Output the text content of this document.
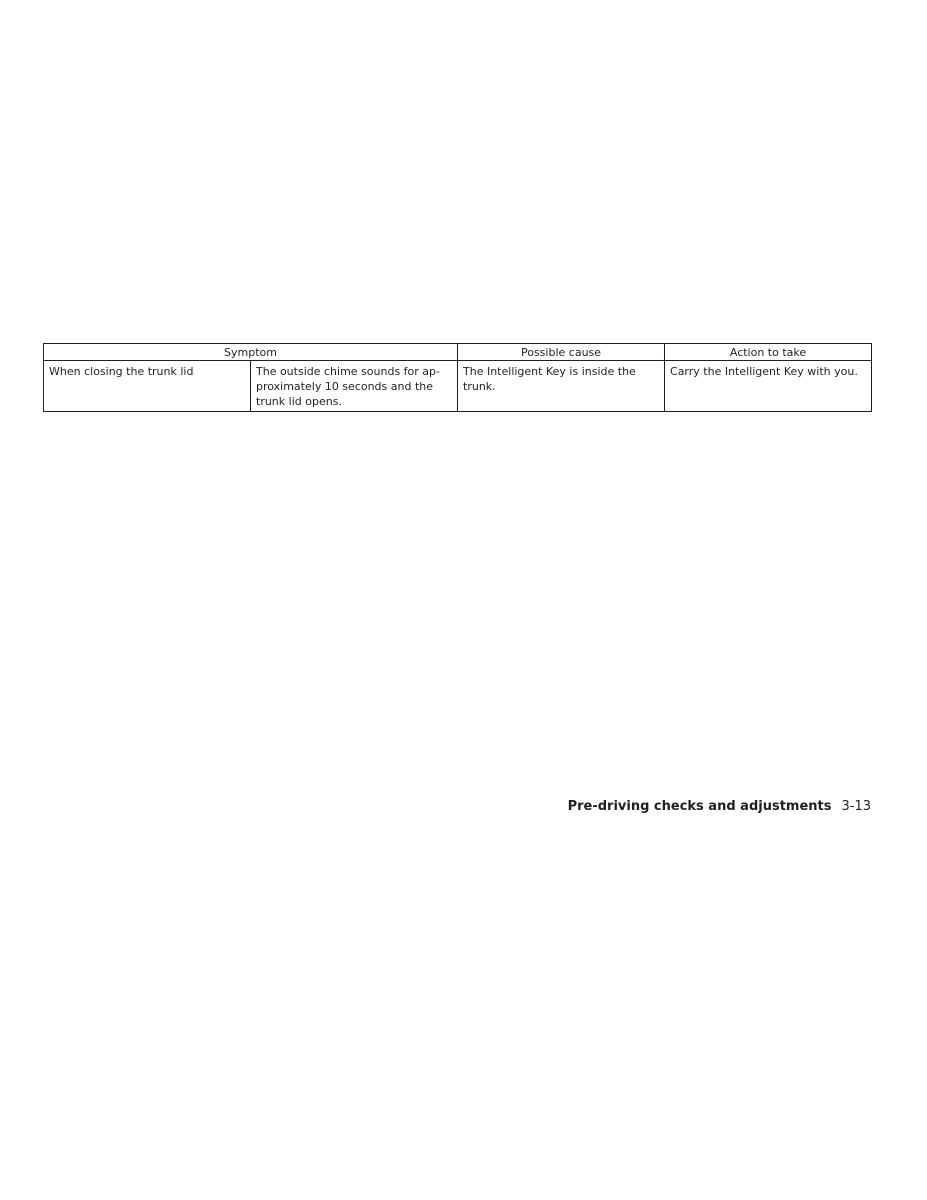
Symptom		Possible cause	Action to take
When closing the trunk lid	The outside chime sounds for ap-
proximately 10 seconds and the
trunk lid opens.	The Intelligent Key is inside the trunk.	Carry the Intelligent Key with you.
Pre-driving checks and adjustments 3-13
